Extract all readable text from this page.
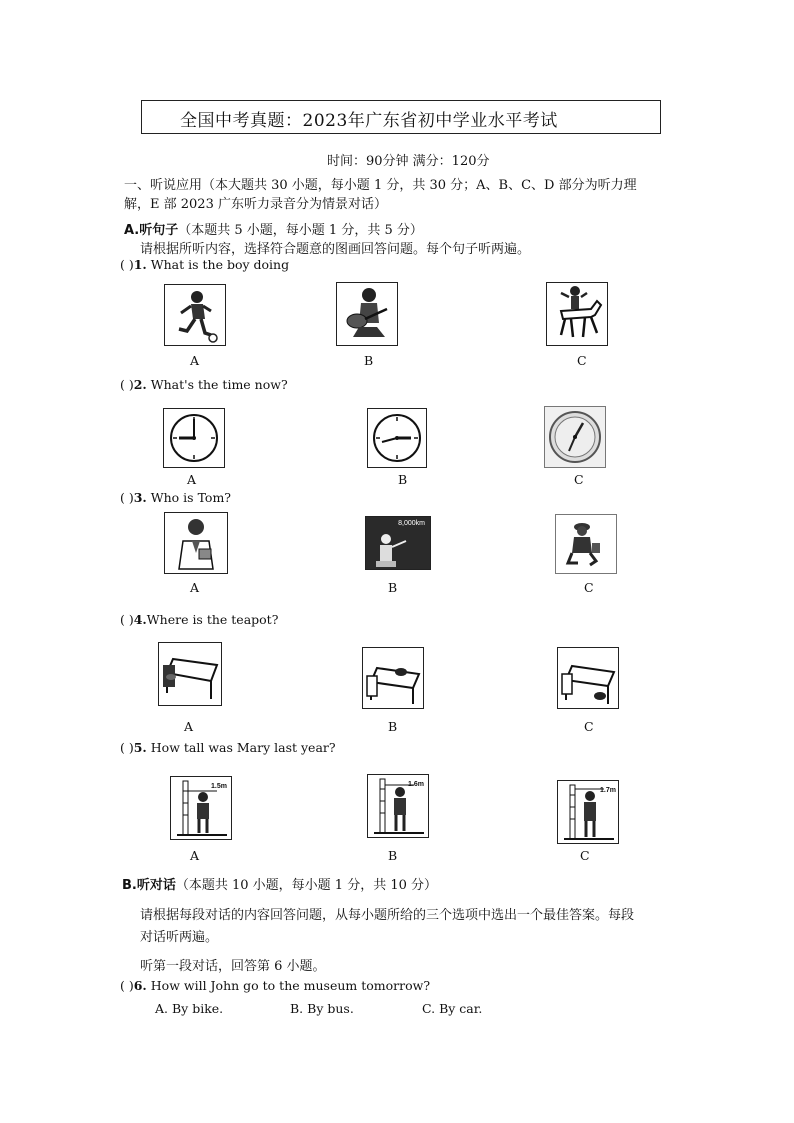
全国中考真题：2023年广东省初中学业水平考试
时间：90分钟 满分：120分
一、听说应用（本大题共 30 小题，每小题 1 分，共 30 分；A、B、C、D 部分为听力理
解，E 部 2023 广东听力录音分为情景对话）
A.听句子（本题共 5 小题，每小题 1 分，共 5 分）
请根据所听内容，选择符合题意的图画回答问题。每个句子听两遍。
( )1. What is the boy doing
A	B	C
( )2. What's the time now?
A	B	C
( )3. Who is Tom?
8,000km
A	B	C
( )4.Where is the teapot?
A	B	C
( )5. How tall was Mary last year?
1.5m	1.6m
1.7m
A	B	C
B.听对话（本题共 10 小题，每小题 1 分，共 10 分）
请根据每段对话的内容回答问题，从每小题所给的三个选项中选出一个最佳答案。每段
对话听两遍。
听第一段对话，回答第 6 小题。
( )6. How will John go to the museum tomorrow?
A. By bike.	B. By bus.	C. By car.
